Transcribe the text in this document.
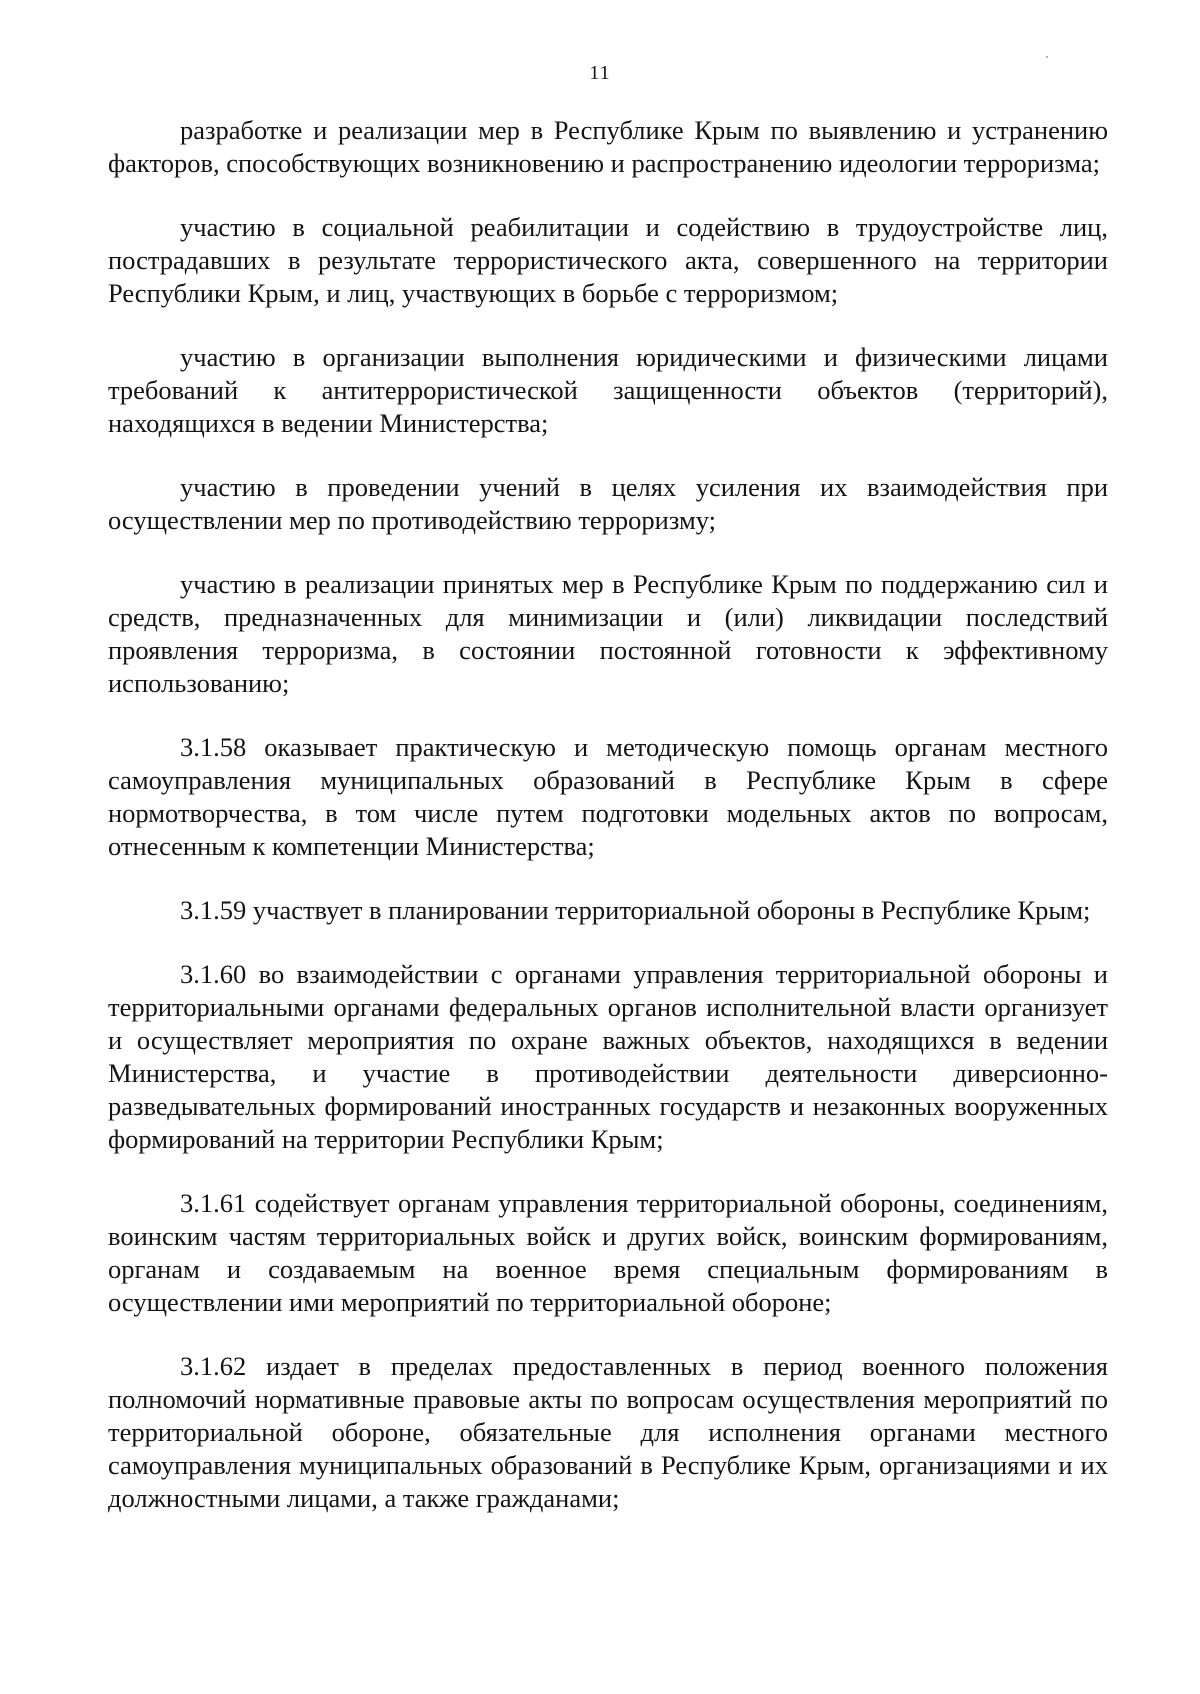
11

разработке и реализации мер в Республике Крым по выявлению и устранению факторов, способствующих возникновению и распространению идеологии терроризма;

участию в социальной реабилитации и содействию в трудоустройстве лиц, пострадавших в результате террористического акта, совершенного на территории Республики Крым, и лиц, участвующих в борьбе с терроризмом;

участию в организации выполнения юридическими и физическими лицами требований к антитеррористической защищенности объектов (территорий), находящихся в ведении Министерства;

участию в проведении учений в целях усиления их взаимодействия при осуществлении мер по противодействию терроризму;

участию в реализации принятых мер в Республике Крым по поддержанию сил и средств, предназначенных для минимизации и (или) ликвидации последствий проявления терроризма, в состоянии постоянной готовности к эффективному использованию;

3.1.58 оказывает практическую и методическую помощь органам местного самоуправления муниципальных образований в Республике Крым в сфере нормотворчества, в том числе путем подготовки модельных актов по вопросам, отнесенным к компетенции Министерства;

3.1.59 участвует в планировании территориальной обороны в Республике Крым;

3.1.60 во взаимодействии с органами управления территориальной обороны и территориальными органами федеральных органов исполнительной власти организует и осуществляет мероприятия по охране важных объектов, находящихся в ведении Министерства, и участие в противодействии деятельности диверсионно-разведывательных формирований иностранных государств и незаконных вооруженных формирований на территории Республики Крым;

3.1.61 содействует органам управления территориальной обороны, соединениям, воинским частям территориальных войск и других войск, воинским формированиям, органам и создаваемым на военное время специальным формированиям в осуществлении ими мероприятий по территориальной обороне;

3.1.62 издает в пределах предоставленных в период военного положения полномочий нормативные правовые акты по вопросам осуществления мероприятий по территориальной обороне, обязательные для исполнения органами местного самоуправления муниципальных образований в Республике Крым, организациями и их должностными лицами, а также гражданами;
